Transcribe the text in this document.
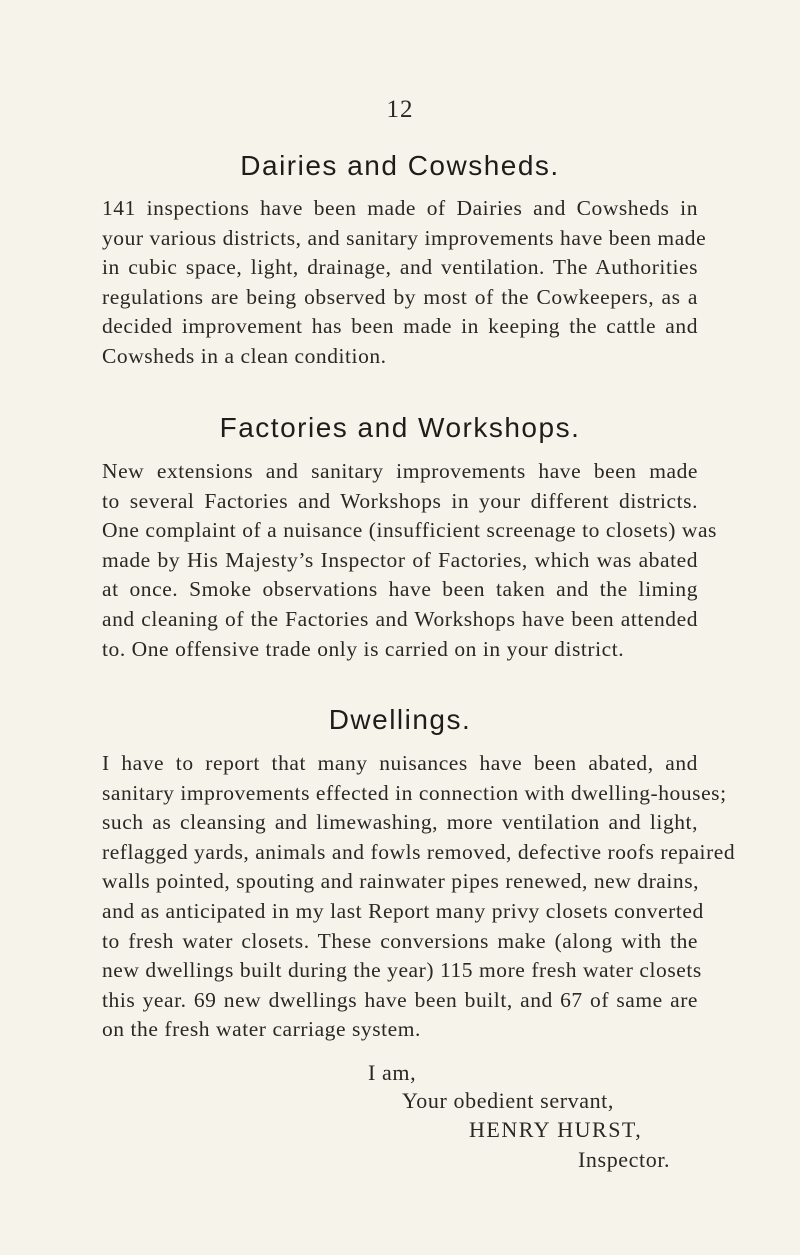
12
Dairies and Cowsheds.
141 inspections have been made of Dairies and Cowsheds in
your various districts, and sanitary improvements have been made
in cubic space, light, drainage, and ventilation. The Authorities
regulations are being observed by most of the Cowkeepers, as a
decided improvement has been made in keeping the cattle and
Cowsheds in a clean condition.
Factories and Workshops.
New extensions and sanitary improvements have been made
to several Factories and Workshops in your different districts.
One complaint of a nuisance (insufficient screenage to closets) was
made by His Majesty’s Inspector of Factories, which was abated
at once. Smoke observations have been taken and the liming
and cleaning of the Factories and Workshops have been attended
to. One offensive trade only is carried on in your district.
Dwellings.
I have to report that many nuisances have been abated, and
sanitary improvements effected in connection with dwelling-houses;
such as cleansing and limewashing, more ventilation and light,
reflagged yards, animals and fowls removed, defective roofs repaired
walls pointed, spouting and rainwater pipes renewed, new drains,
and as anticipated in my last Report many privy closets converted
to fresh water closets. These conversions make (along with the
new dwellings built during the year) 115 more fresh water closets
this year. 69 new dwellings have been built, and 67 of same are
on the fresh water carriage system.
I am,
Your obedient servant,
HENRY HURST,
Inspector.
